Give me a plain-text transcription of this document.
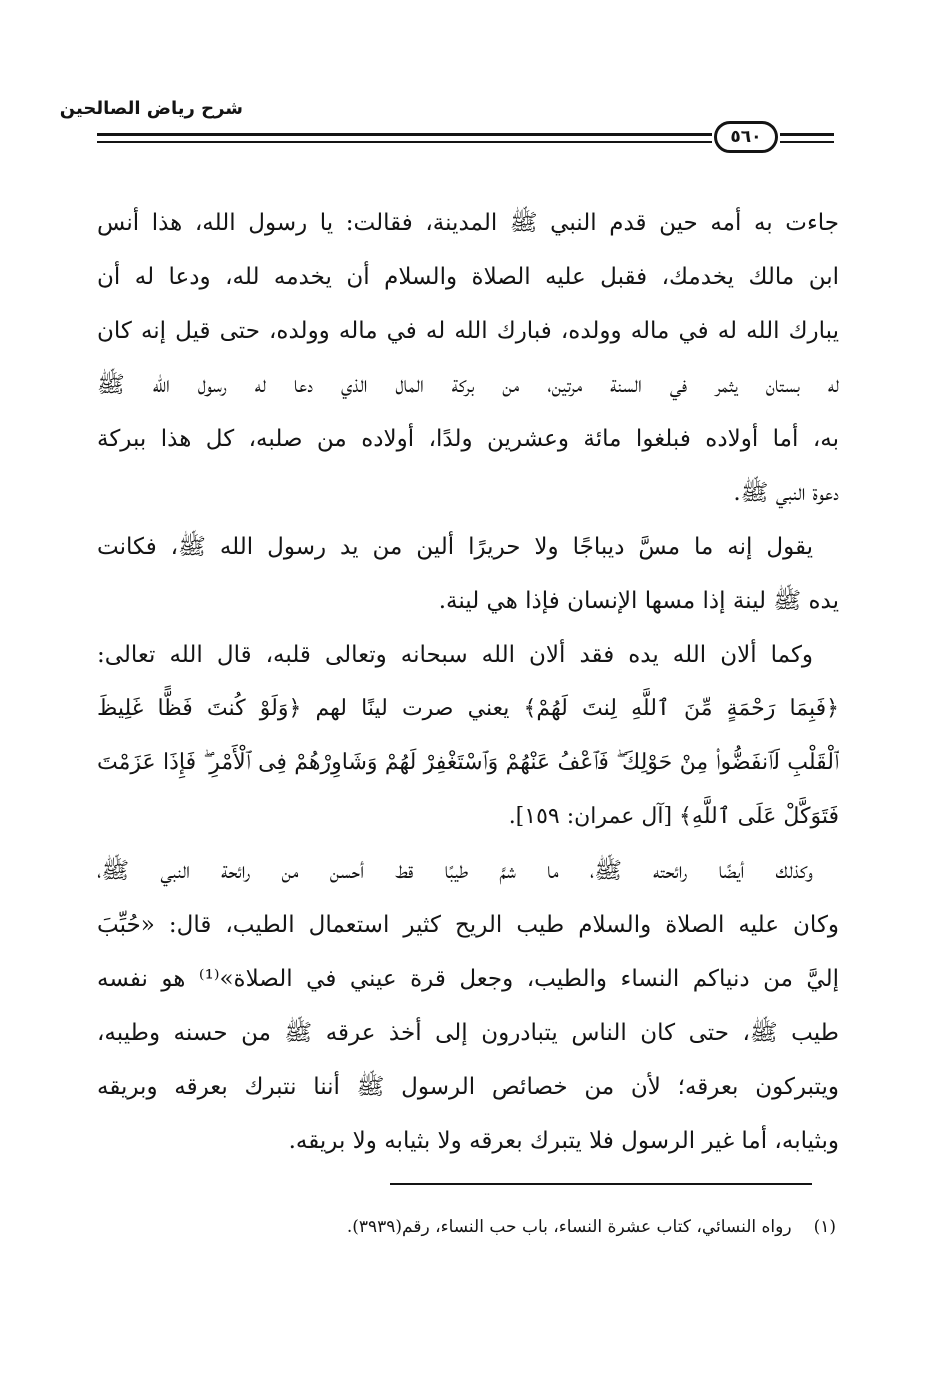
شرح رياض الصالحين
٥٦٠
جاءت به أمه حين قدم النبي ﷺ المدينة، فقالت: يا رسول الله، هذا أنس
ابن مالك يخدمك، فقبل عليه الصلاة والسلام أن يخدمه لله، ودعا له أن
يبارك الله له في ماله وولده، فبارك الله له في ماله وولده، حتى قيل إنه كان
له بستان يثمر في السنة مرتين، من بركة المال الذي دعا له رسول الله ﷺ
به، أما أولاده فبلغوا مائة وعشرين ولدًا، أولاده من صلبه، كل هذا ببركة
دعوة النبي ﷺ.
يقول إنه ما مسَّ ديباجًا ولا حريرًا ألين من يد رسول الله ﷺ، فكانت
يده ﷺ لينة إذا مسها الإنسان فإذا هي لينة.
وكما ألان الله يده فقد ألان الله سبحانه وتعالى قلبه، قال الله تعالى:
﴿فَبِمَا رَحْمَةٍ مِّنَ ٱللَّهِ لِنتَ لَهُمْ﴾ يعني صرت لينًا لهم ﴿وَلَوْ كُنتَ فَظًّا غَلِيظَ
ٱلْقَلْبِ لَٱنفَضُّوا۟ مِنْ حَوْلِكَ ۖ فَٱعْفُ عَنْهُمْ وَٱسْتَغْفِرْ لَهُمْ وَشَاوِرْهُمْ فِى ٱلْأَمْرِ ۖ فَإِذَا عَزَمْتَ
فَتَوَكَّلْ عَلَى ٱللَّهِ﴾ [آل عمران: ١٥٩].
وكذلك أيضًا رائحته ﷺ، ما شمَّ طيبًا قط أحسن من رائحة النبي ﷺ،
وكان عليه الصلاة والسلام طيب الريح كثير استعمال الطيب، قال: «حُبِّبَ
إليَّ من دنياكم النساء والطيب، وجعل قرة عيني في الصلاة»⁽¹⁾ هو نفسه
طيب ﷺ، حتى كان الناس يتبادرون إلى أخذ عرقه ﷺ من حسنه وطيبه،
ويتبركون بعرقه؛ لأن من خصائص الرسول ﷺ أننا نتبرك بعرقه وبريقه
وبثيابه، أما غير الرسول فلا يتبرك بعرقه ولا بثيابه ولا بريقه.
(١)رواه النسائي، كتاب عشرة النساء، باب حب النساء، رقم(٣٩٣٩).
